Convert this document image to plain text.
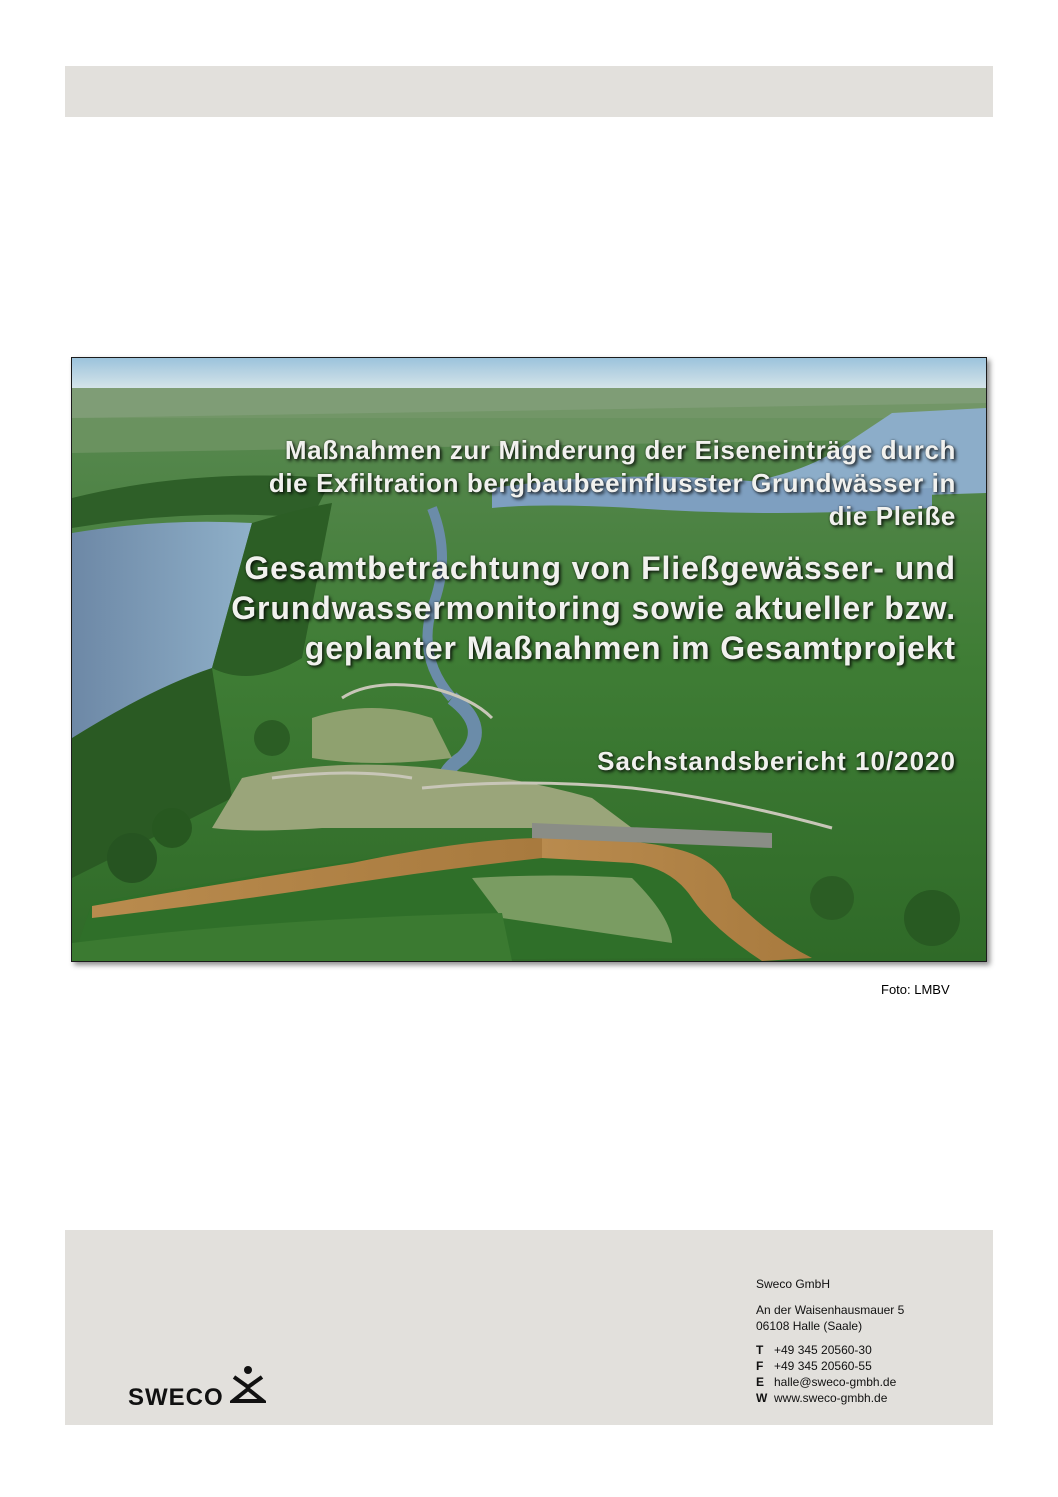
Maßnahmen zur Minderung der Eiseneinträge durch
die Exfiltration bergbaubeeinflusster Grundwässer in
die Pleiße
Gesamtbetrachtung von Fließgewässer- und
Grundwassermonitoring sowie aktueller bzw.
geplanter Maßnahmen im Gesamtprojekt
Sachstandsbericht 10/2020
Foto: LMBV
SWECO
Sweco GmbH
An der Waisenhausmauer 5
06108 Halle (Saale)
T +49 345 20560-30
F +49 345 20560-55
E halle@sweco-gmbh.de
W www.sweco-gmbh.de
